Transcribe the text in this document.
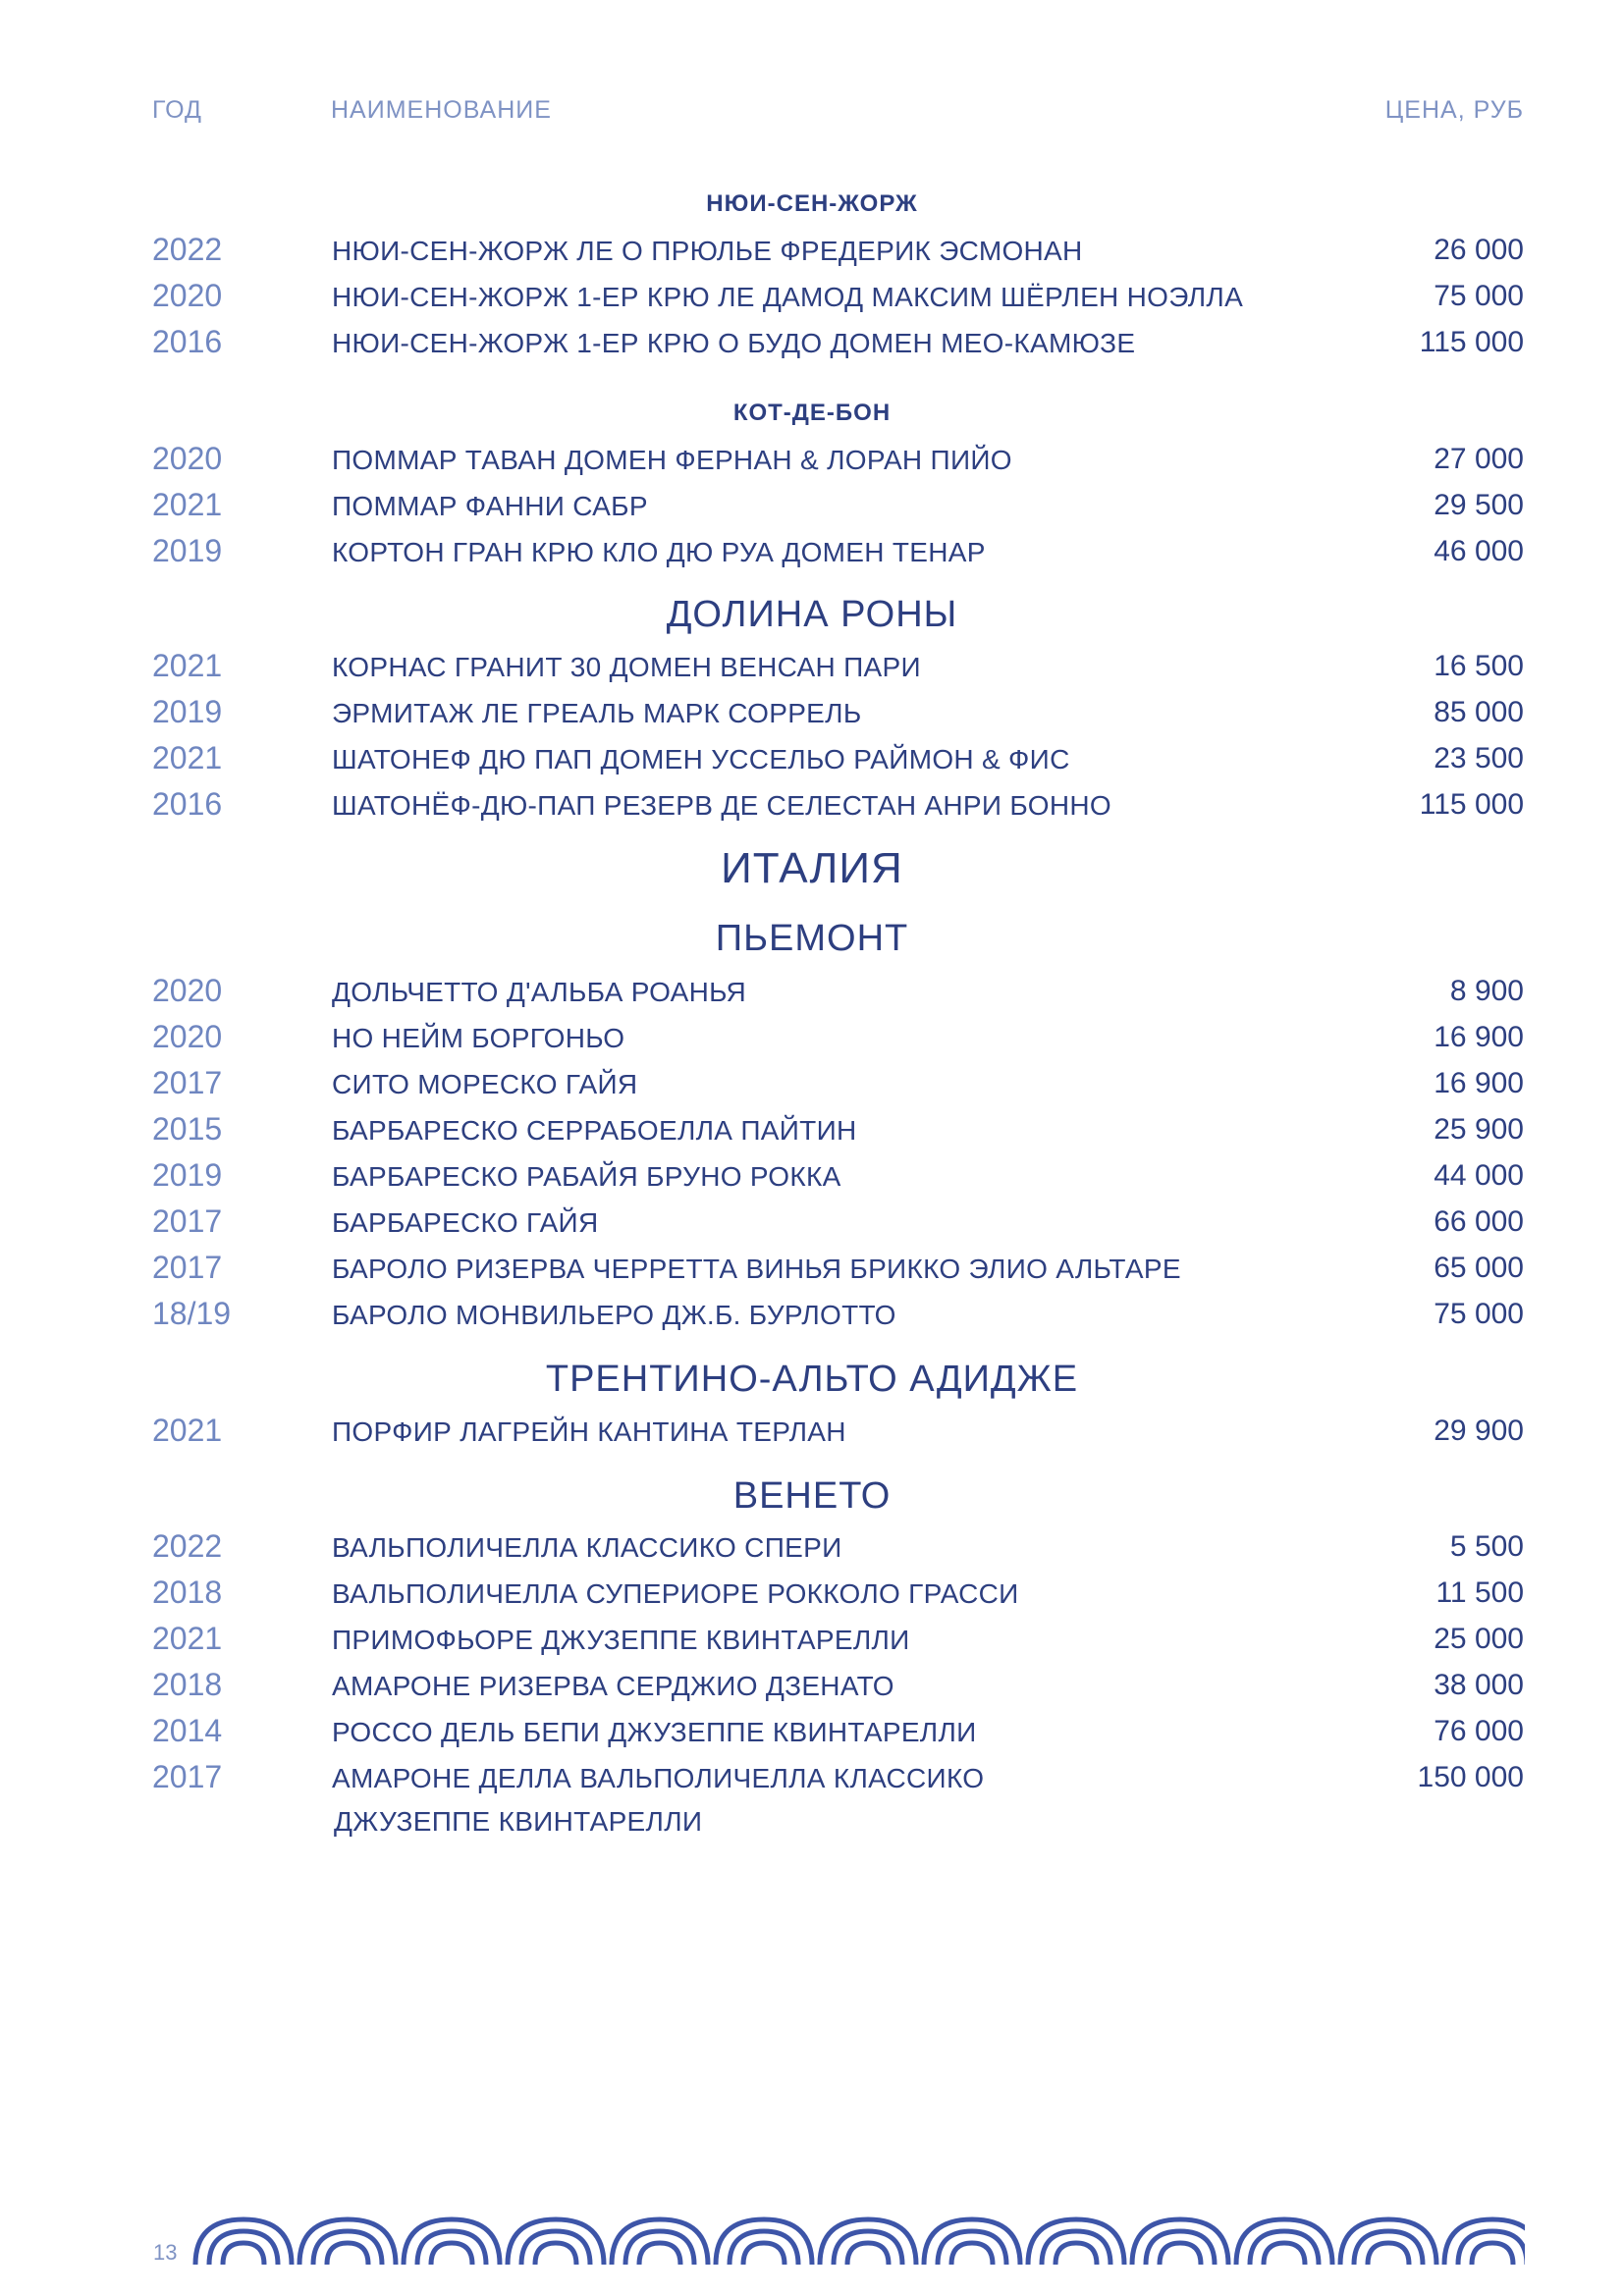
ГОД	НАИМЕНОВАНИЕ	ЦЕНА, РУБ
НЮИ-СЕН-ЖОРЖ
2022	НЮИ-СЕН-ЖОРЖ ЛЕ О ПРЮЛЬЕ ФРЕДЕРИК ЭСМОНАН	26 000
2020	НЮИ-СЕН-ЖОРЖ 1-ЕР КРЮ ЛЕ ДАМОД МАКСИМ ШЁРЛЕН НОЭЛЛА	75 000
2016	НЮИ-СЕН-ЖОРЖ 1-ЕР КРЮ О БУДО ДОМЕН МЕО-КАМЮЗЕ	115 000
КОТ-ДЕ-БОН
2020	ПОММАР ТАВАН ДОМЕН ФЕРНАН & ЛОРАН ПИЙО	27 000
2021	ПОММАР ФАННИ САБР	29 500
2019	КОРТОН ГРАН КРЮ КЛО ДЮ РУА ДОМЕН ТЕНАР	46 000
ДОЛИНА РОНЫ
2021	КОРНАС ГРАНИТ 30 ДОМЕН ВЕНСАН ПАРИ	16 500
2019	ЭРМИТАЖ ЛЕ ГРЕАЛЬ МАРК СОРРЕЛЬ	85 000
2021	ШАТОНЕФ ДЮ ПАП ДОМЕН УССЕЛЬО РАЙМОН & ФИС	23 500
2016	ШАТОНЁФ-ДЮ-ПАП РЕЗЕРВ ДЕ СЕЛЕСТАН АНРИ БОННО	115 000
ИТАЛИЯ
ПЬЕМОНТ
2020	ДОЛЬЧЕТТО Д'АЛЬБА РОАНЬЯ	8 900
2020	НО НЕЙМ БОРГОНЬО	16 900
2017	СИТО МОРЕСКО ГАЙЯ	16 900
2015	БАРБАРЕСКО СЕРРАБОЕЛЛА ПАЙТИН	25 900
2019	БАРБАРЕСКО РАБАЙЯ БРУНО РОККА	44 000
2017	БАРБАРЕСКО ГАЙЯ	66 000
2017	БАРОЛО РИЗЕРВА ЧЕРРЕТТА ВИНЬЯ БРИККО ЭЛИО АЛЬТАРЕ	65 000
18/19	БАРОЛО МОНВИЛЬЕРО ДЖ.Б. БУРЛОТТО	75 000
ТРЕНТИНО-АЛЬТО АДИДЖЕ
2021	ПОРФИР ЛАГРЕЙН КАНТИНА ТЕРЛАН	29 900
ВЕНЕТО
2022	ВАЛЬПОЛИЧЕЛЛА КЛАССИКО СПЕРИ	5 500
2018	ВАЛЬПОЛИЧЕЛЛА СУПЕРИОРЕ РОККОЛО ГРАССИ	11 500
2021	ПРИМОФЬОРЕ ДЖУЗЕППЕ КВИНТАРЕЛЛИ	25 000
2018	АМАРОНЕ РИЗЕРВА СЕРДЖИО ДЗЕНАТО	38 000
2014	РОССО ДЕЛЬ БЕПИ ДЖУЗЕППЕ КВИНТАРЕЛЛИ	76 000
2017	АМАРОНЕ ДЕЛЛА ВАЛЬПОЛИЧЕЛЛА КЛАССИКО	150 000
ДЖУЗЕППЕ КВИНТАРЕЛЛИ
13
